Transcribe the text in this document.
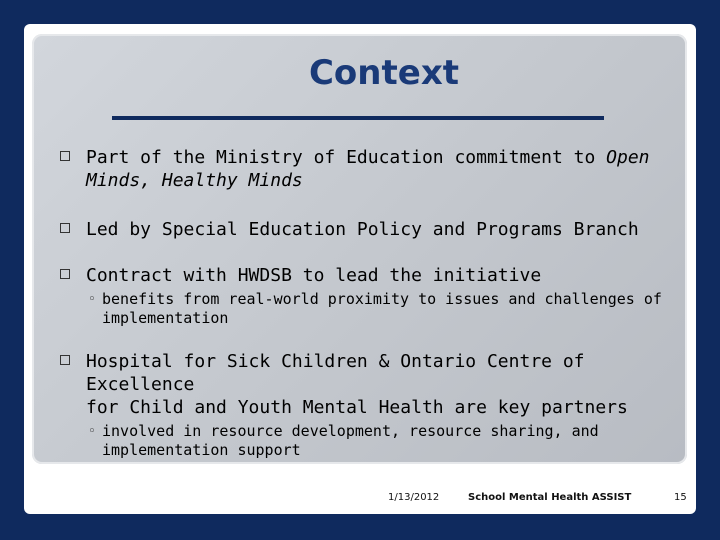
Context
Part of the Ministry of Education commitment to Open
Minds, Healthy Minds
Led by Special Education Policy and Programs Branch
Contract with HWDSB to lead the initiative
◦ benefits from real-world proximity to issues and challenges of implementation
Hospital for Sick Children & Ontario Centre of Excellence
for Child and Youth Mental Health are key partners
◦ involved in resource development, resource sharing, and implementation support
1/13/2012	School Mental Health ASSIST	15
